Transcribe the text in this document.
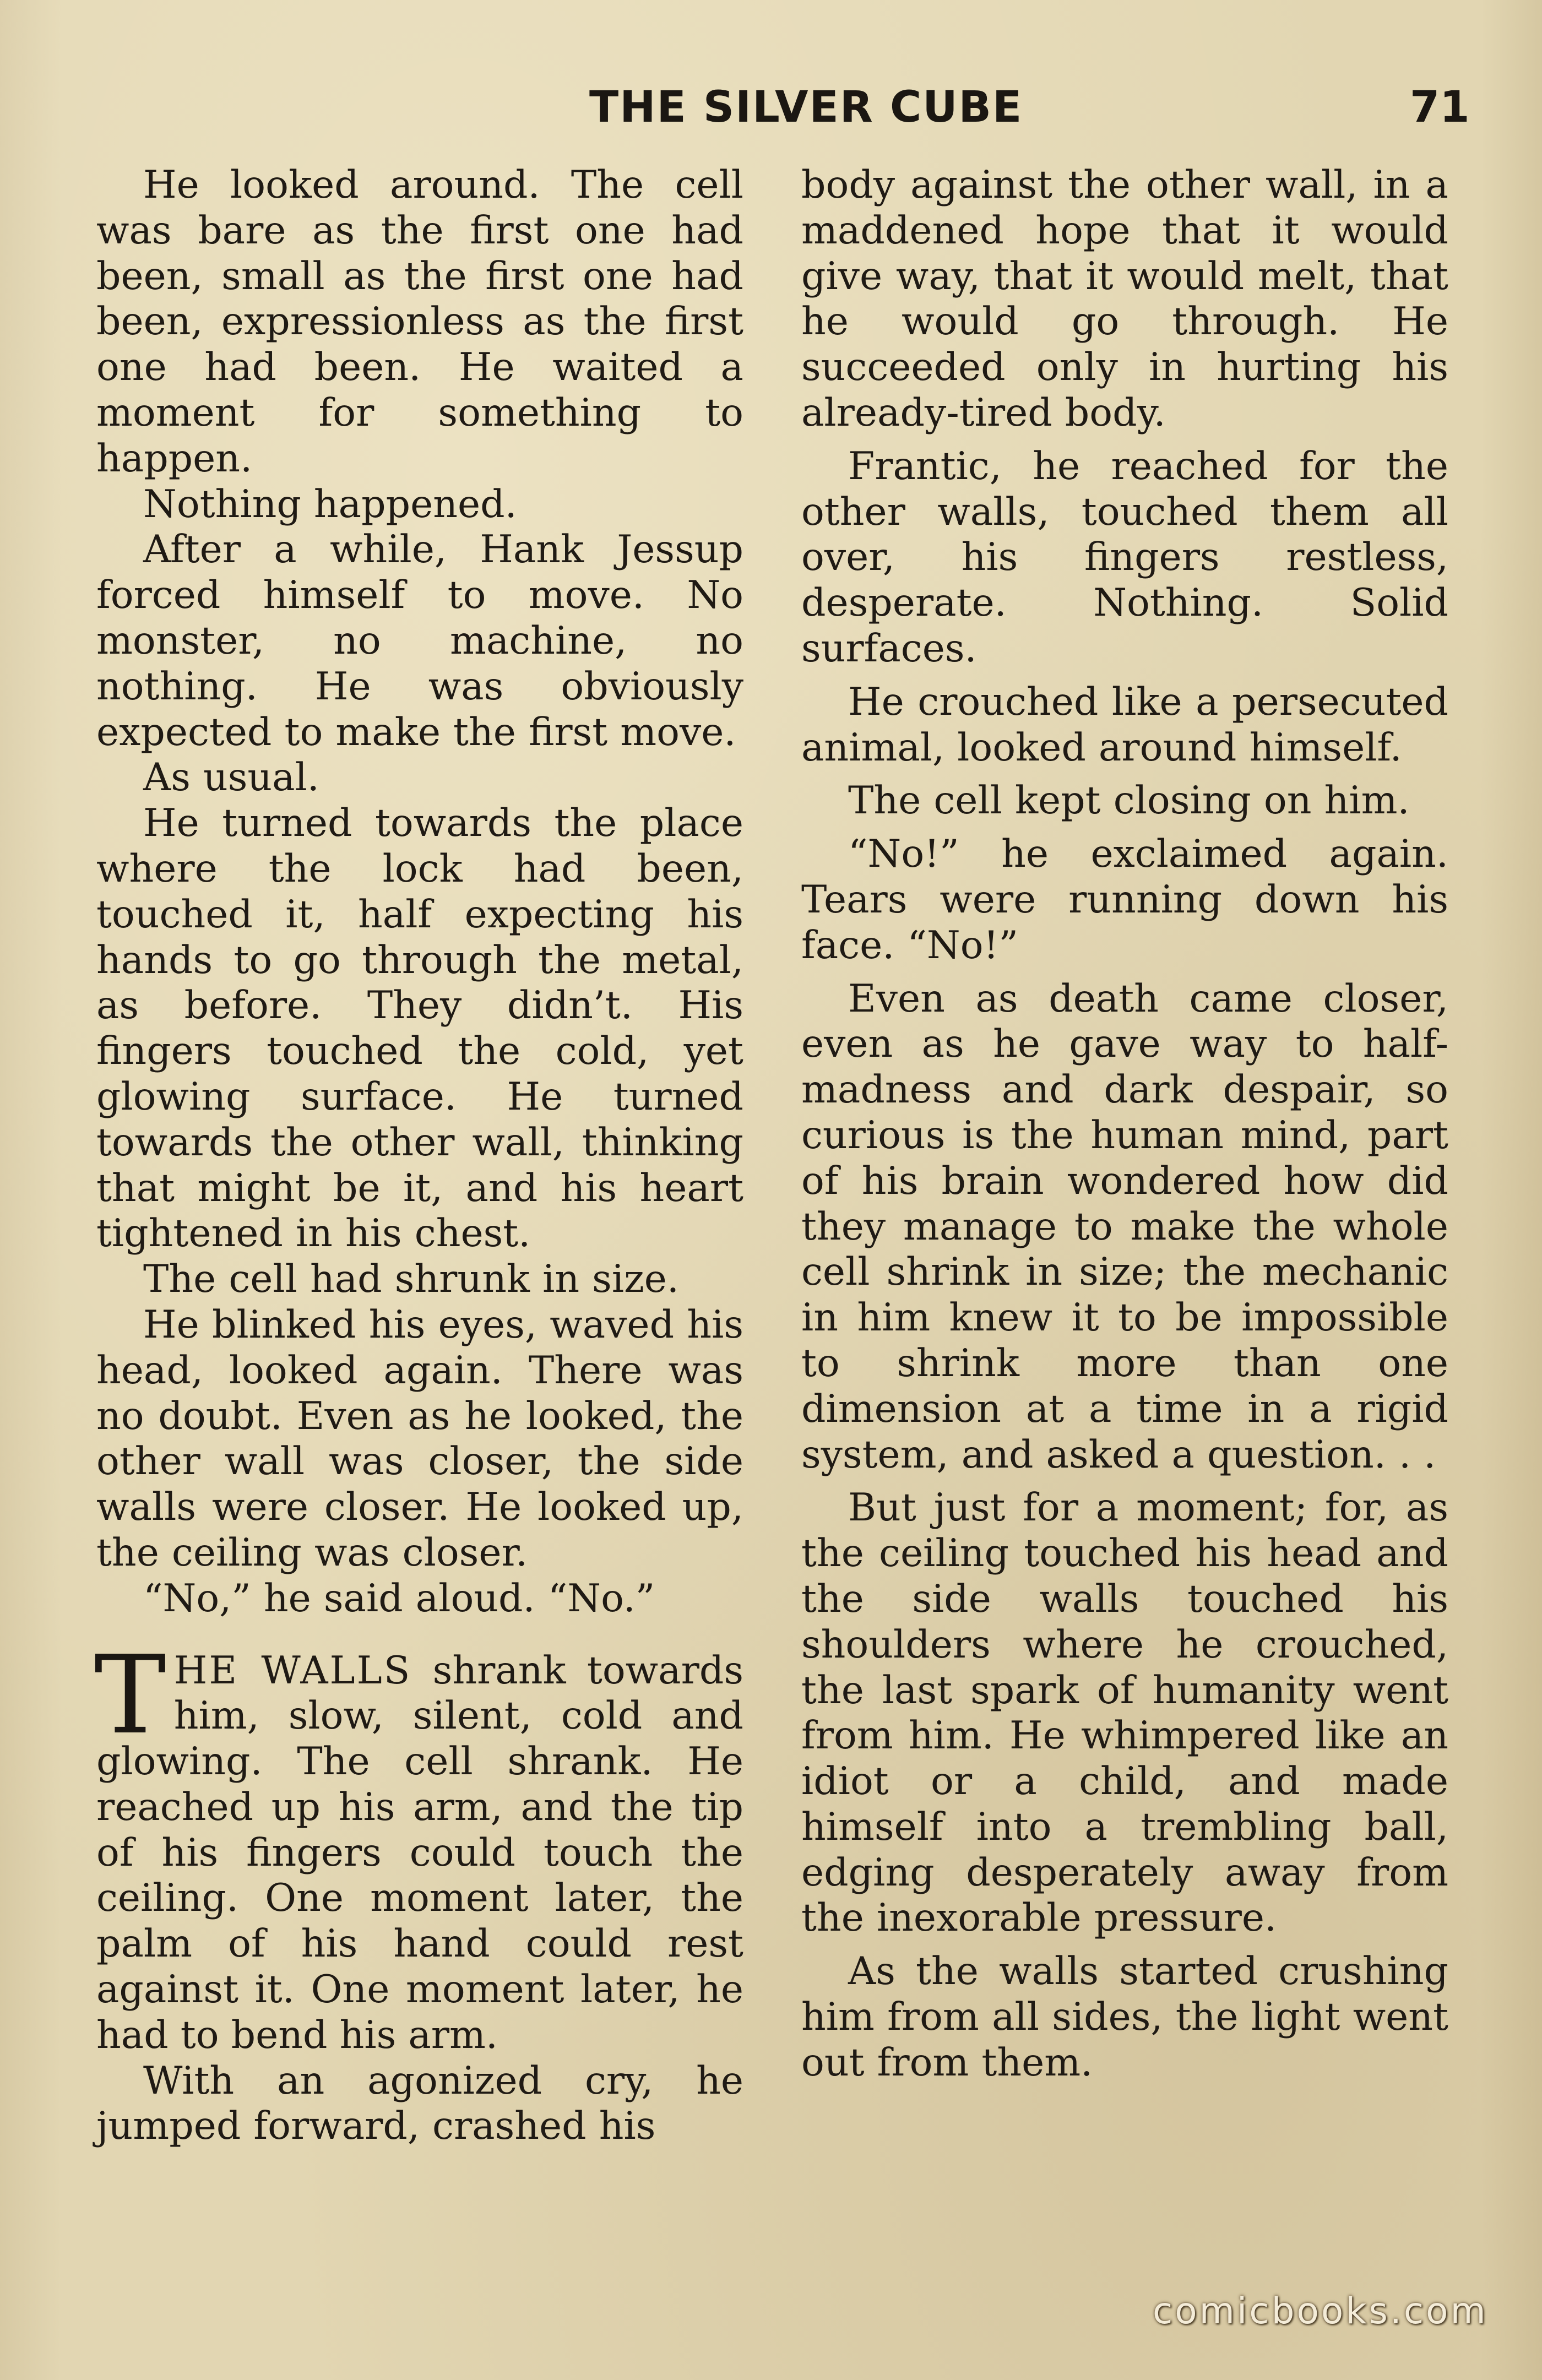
THE SILVER CUBE	71

He looked around. The cell was bare as the first one had been, small as the first one had been, expressionless as the first one had been. He waited a moment for something to happen.

Nothing happened.

After a while, Hank Jessup forced himself to move. No monster, no machine, no nothing. He was obviously expected to make the first move.

As usual.

He turned towards the place where the lock had been, touched it, half expecting his hands to go through the metal, as before. They didn’t. His fingers touched the cold, yet glowing surface. He turned towards the other wall, thinking that might be it, and his heart tightened in his chest.

The cell had shrunk in size.

He blinked his eyes, waved his head, looked again. There was no doubt. Even as he looked, the other wall was closer, the side walls were closer. He looked up, the ceiling was closer.

“No,” he said aloud. “No.”

THE WALLS shrank towards him, slow, silent, cold and glowing. The cell shrank. He reached up his arm, and the tip of his fingers could touch the ceiling. One moment later, the palm of his hand could rest against it. One moment later, he had to bend his arm.

With an agonized cry, he jumped forward, crashed his

body against the other wall, in a maddened hope that it would give way, that it would melt, that he would go through. He succeeded only in hurting his already-tired body.

Frantic, he reached for the other walls, touched them all over, his fingers restless, desperate. Nothing. Solid surfaces.

He crouched like a persecuted animal, looked around himself.

The cell kept closing on him.

“No!” he exclaimed again. Tears were running down his face. “No!”

Even as death came closer, even as he gave way to half-madness and dark despair, so curious is the human mind, part of his brain wondered how did they manage to make the whole cell shrink in size; the mechanic in him knew it to be impossible to shrink more than one dimension at a time in a rigid system, and asked a question. . .

But just for a moment; for, as the ceiling touched his head and the side walls touched his shoulders where he crouched, the last spark of humanity went from him. He whimpered like an idiot or a child, and made himself into a trembling ball, edging desperately away from the inexorable pressure.

As the walls started crushing him from all sides, the light went out from them.

comicbooks.com
